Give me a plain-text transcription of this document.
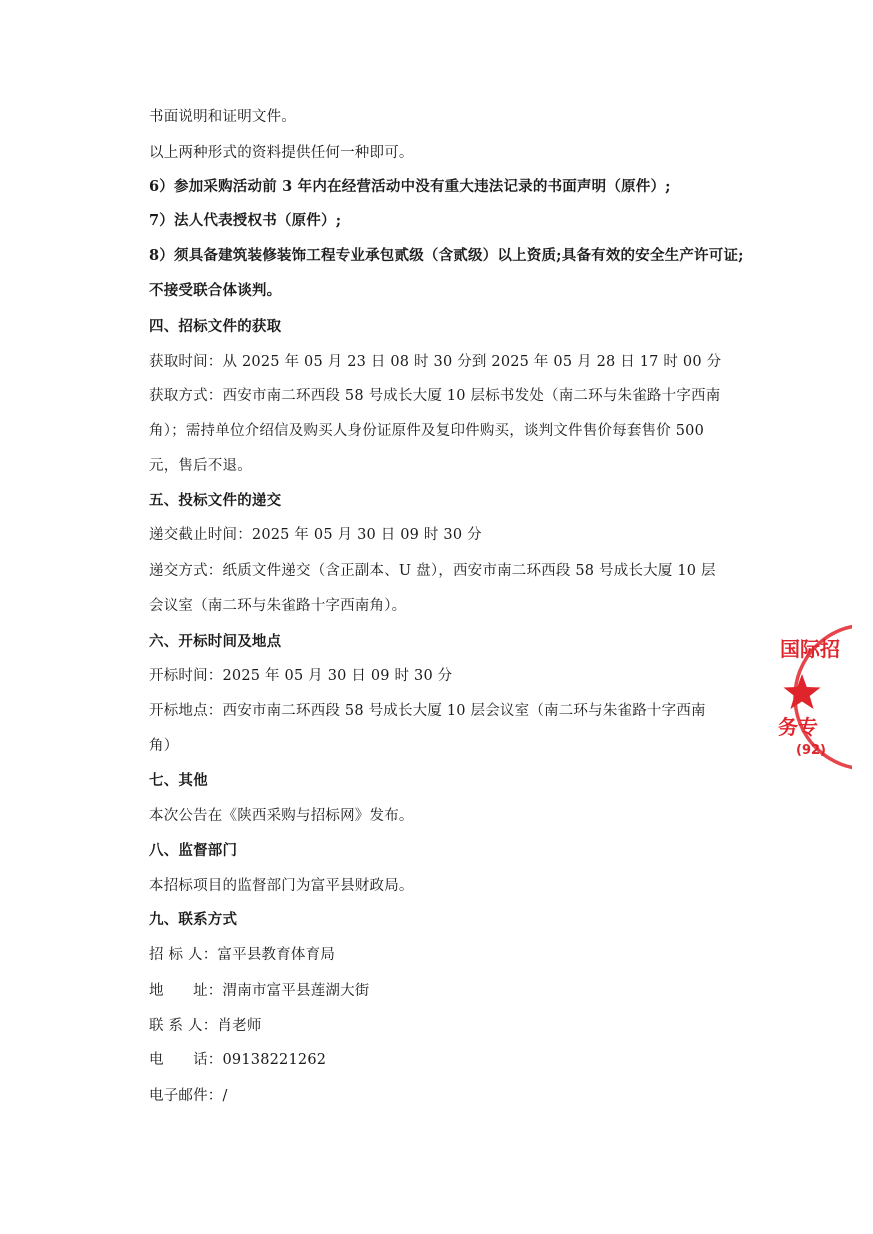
书面说明和证明文件。
以上两种形式的资料提供任何一种即可。
6）参加采购活动前 3 年内在经营活动中没有重大违法记录的书面声明（原件）;
7）法人代表授权书（原件）;
8）须具备建筑装修装饰工程专业承包贰级（含贰级）以上资质;具备有效的安全生产许可证;
不接受联合体谈判。
四、招标文件的获取
获取时间：从 2025 年 05 月 23 日 08 时 30 分到 2025 年 05 月 28 日 17 时 00 分
获取方式：西安市南二环西段 58 号成长大厦 10 层标书发处（南二环与朱雀路十字西南
角）；需持单位介绍信及购买人身份证原件及复印件购买，谈判文件售价每套售价 500
元，售后不退。
五、投标文件的递交
递交截止时间：2025 年 05 月 30 日 09 时 30 分
递交方式：纸质文件递交（含正副本、U 盘），西安市南二环西段 58 号成长大厦 10 层
会议室（南二环与朱雀路十字西南角）。
六、开标时间及地点
开标时间：2025 年 05 月 30 日 09 时 30 分
开标地点：西安市南二环西段 58 号成长大厦 10 层会议室（南二环与朱雀路十字西南
角）
七、其他
本次公告在《陕西采购与招标网》发布。
八、监督部门
本招标项目的监督部门为富平县财政局。
九、联系方式
招 标 人：富平县教育体育局
地　　址：渭南市富平县莲湖大街
联 系 人：肖老师
电　　话：09138221262
电子邮件：/
国际招
务专
(92)
